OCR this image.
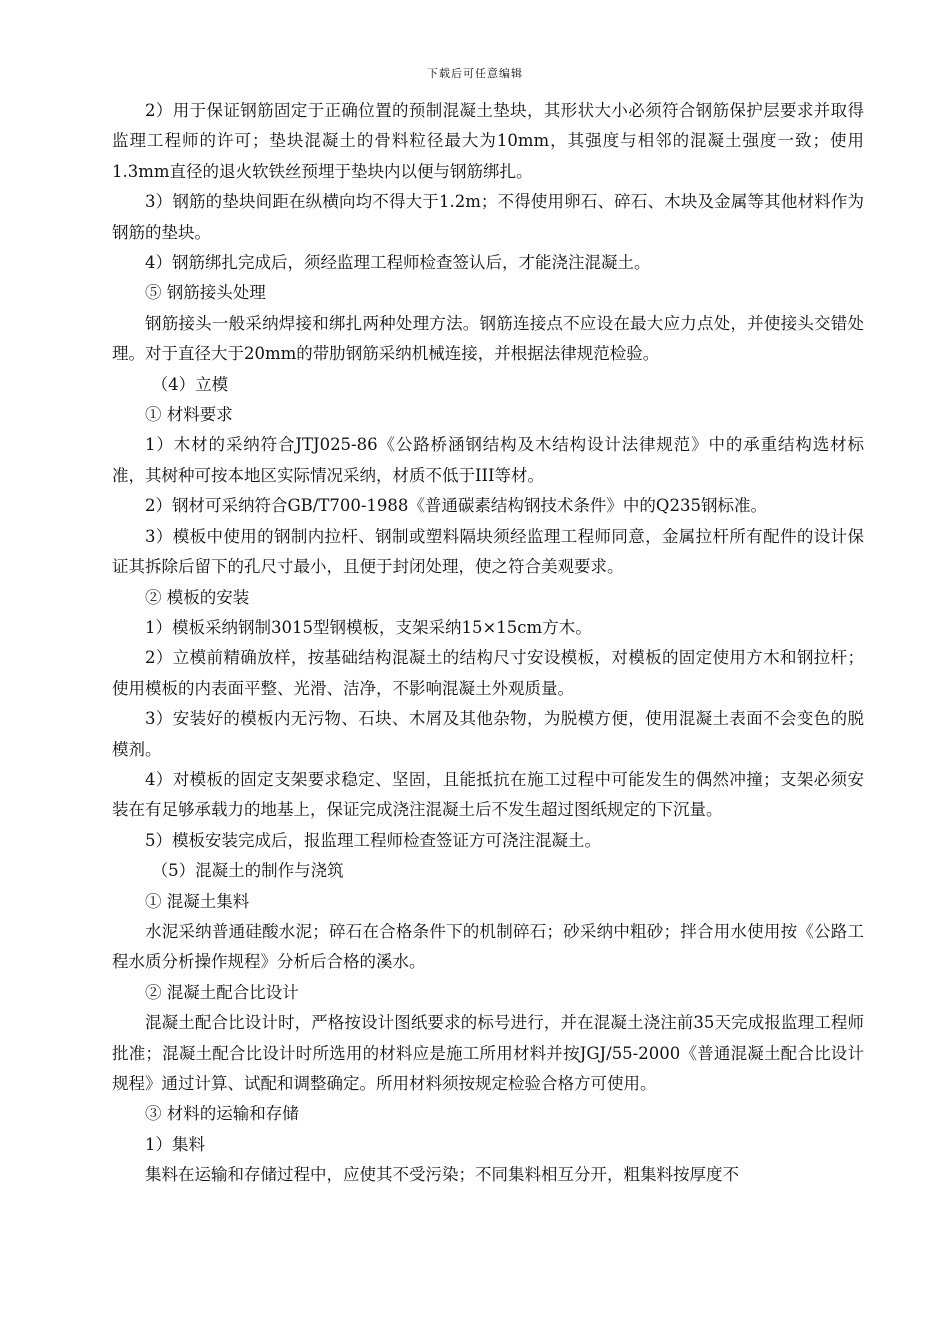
下载后可任意编辑

2）用于保证钢筋固定于正确位置的预制混凝土垫块，其形状大小必须符合钢筋保护层要求并取得监理工程师的许可；垫块混凝土的骨料粒径最大为10mm，其强度与相邻的混凝土强度一致；使用1.3mm直径的退火软铁丝预埋于垫块内以便与钢筋绑扎。

3）钢筋的垫块间距在纵横向均不得大于1.2m；不得使用卵石、碎石、木块及金属等其他材料作为钢筋的垫块。

4）钢筋绑扎完成后，须经监理工程师检查签认后，才能浇注混凝土。

⑤ 钢筋接头处理

钢筋接头一般采纳焊接和绑扎两种处理方法。钢筋连接点不应设在最大应力点处，并使接头交错处理。对于直径大于20mm的带肋钢筋采纳机械连接，并根据法律规范检验。

（4）立模

① 材料要求

1）木材的采纳符合JTJ025-86《公路桥涵钢结构及木结构设计法律规范》中的承重结构选材标准，其树种可按本地区实际情况采纳，材质不低于III等材。

2）钢材可采纳符合GB/T700-1988《普通碳素结构钢技术条件》中的Q235钢标准。

3）模板中使用的钢制内拉杆、钢制或塑料隔块须经监理工程师同意，金属拉杆所有配件的设计保证其拆除后留下的孔尺寸最小，且便于封闭处理，使之符合美观要求。

② 模板的安装

1）模板采纳钢制3015型钢模板，支架采纳15×15cm方木。

2）立模前精确放样，按基础结构混凝土的结构尺寸安设模板，对模板的固定使用方木和钢拉杆；使用模板的内表面平整、光滑、洁净，不影响混凝土外观质量。

3）安装好的模板内无污物、石块、木屑及其他杂物，为脱模方便，使用混凝土表面不会变色的脱模剂。

4）对模板的固定支架要求稳定、坚固，且能抵抗在施工过程中可能发生的偶然冲撞；支架必须安装在有足够承载力的地基上，保证完成浇注混凝土后不发生超过图纸规定的下沉量。

5）模板安装完成后，报监理工程师检查签证方可浇注混凝土。

（5）混凝土的制作与浇筑

① 混凝土集料

水泥采纳普通硅酸水泥；碎石在合格条件下的机制碎石；砂采纳中粗砂；拌合用水使用按《公路工程水质分析操作规程》分析后合格的溪水。

② 混凝土配合比设计

混凝土配合比设计时，严格按设计图纸要求的标号进行，并在混凝土浇注前35天完成报监理工程师批准；混凝土配合比设计时所选用的材料应是施工所用材料并按JGJ/55-2000《普通混凝土配合比设计规程》通过计算、试配和调整确定。所用材料须按规定检验合格方可使用。

③ 材料的运输和存储

1）集料

集料在运输和存储过程中，应使其不受污染；不同集料相互分开，粗集料按厚度不
